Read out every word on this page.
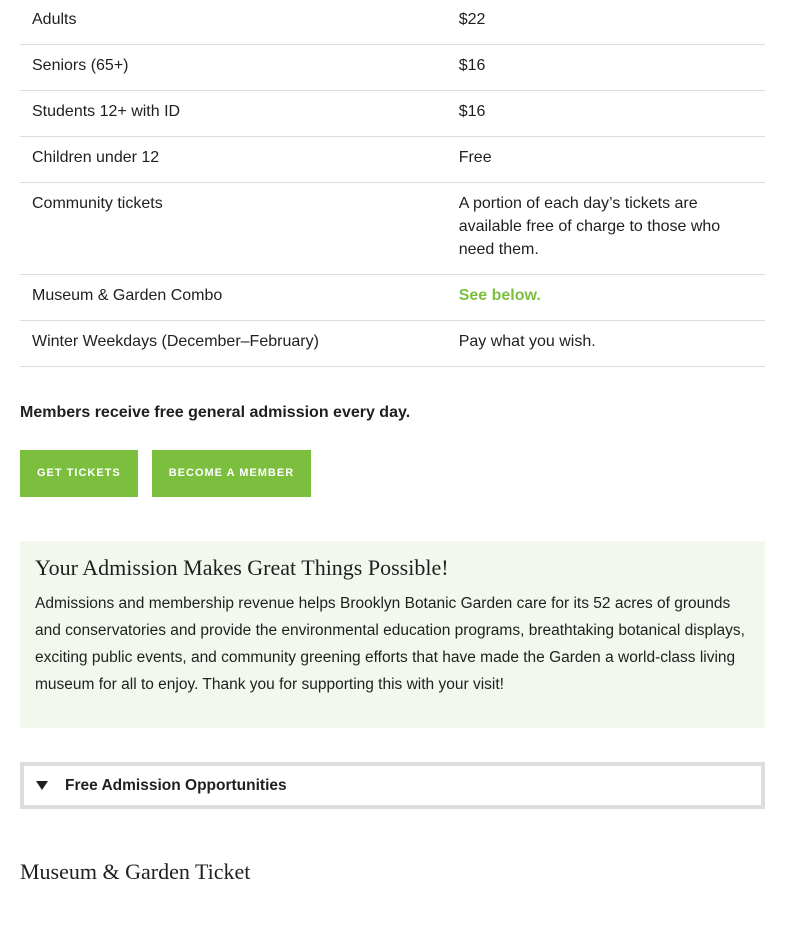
Adults	$22
Seniors (65+)	$16
Students 12+ with ID	$16
Children under 12	Free
Community tickets	A portion of each day’s tickets are available free of charge to those who need them.
Museum & Garden Combo	See below.
Winter Weekdays (December–February)	Pay what you wish.
Members receive free general admission every day.
GET TICKETS	BECOME A MEMBER
Your Admission Makes Great Things Possible!

Admissions and membership revenue helps Brooklyn Botanic Garden care for its 52 acres of grounds and conservatories and provide the environmental education programs, breathtaking botanical displays, exciting public events, and community greening efforts that have made the Garden a world-class living museum for all to enjoy. Thank you for supporting this with your visit!

Free Admission Opportunities
Museum & Garden Ticket
